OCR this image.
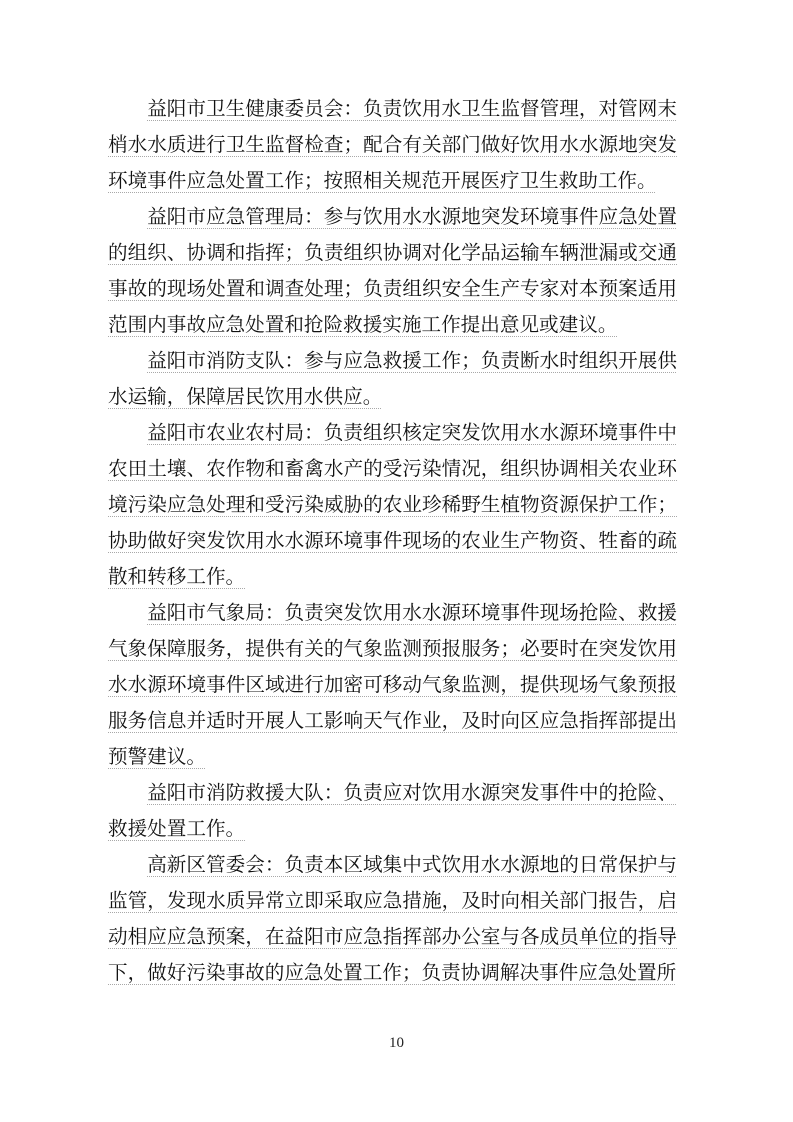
益阳市卫生健康委员会：负责饮用水卫生监督管理，对管网末梢水水质进行卫生监督检查；配合有关部门做好饮用水水源地突发环境事件应急处置工作；按照相关规范开展医疗卫生救助工作。

益阳市应急管理局：参与饮用水水源地突发环境事件应急处置的组织、协调和指挥；负责组织协调对化学品运输车辆泄漏或交通事故的现场处置和调查处理；负责组织安全生产专家对本预案适用范围内事故应急处置和抢险救援实施工作提出意见或建议。

益阳市消防支队：参与应急救援工作；负责断水时组织开展供水运输，保障居民饮用水供应。

益阳市农业农村局：负责组织核定突发饮用水水源环境事件中农田土壤、农作物和畜禽水产的受污染情况，组织协调相关农业环境污染应急处理和受污染威胁的农业珍稀野生植物资源保护工作；协助做好突发饮用水水源环境事件现场的农业生产物资、牲畜的疏散和转移工作。

益阳市气象局：负责突发饮用水水源环境事件现场抢险、救援气象保障服务，提供有关的气象监测预报服务；必要时在突发饮用水水源环境事件区域进行加密可移动气象监测，提供现场气象预报服务信息并适时开展人工影响天气作业，及时向区应急指挥部提出预警建议。

益阳市消防救援大队：负责应对饮用水源突发事件中的抢险、救援处置工作。

高新区管委会：负责本区域集中式饮用水水源地的日常保护与监管，发现水质异常立即采取应急措施，及时向相关部门报告，启动相应应急预案，在益阳市应急指挥部办公室与各成员单位的指导下，做好污染事故的应急处置工作；负责协调解决事件应急处置所

10
